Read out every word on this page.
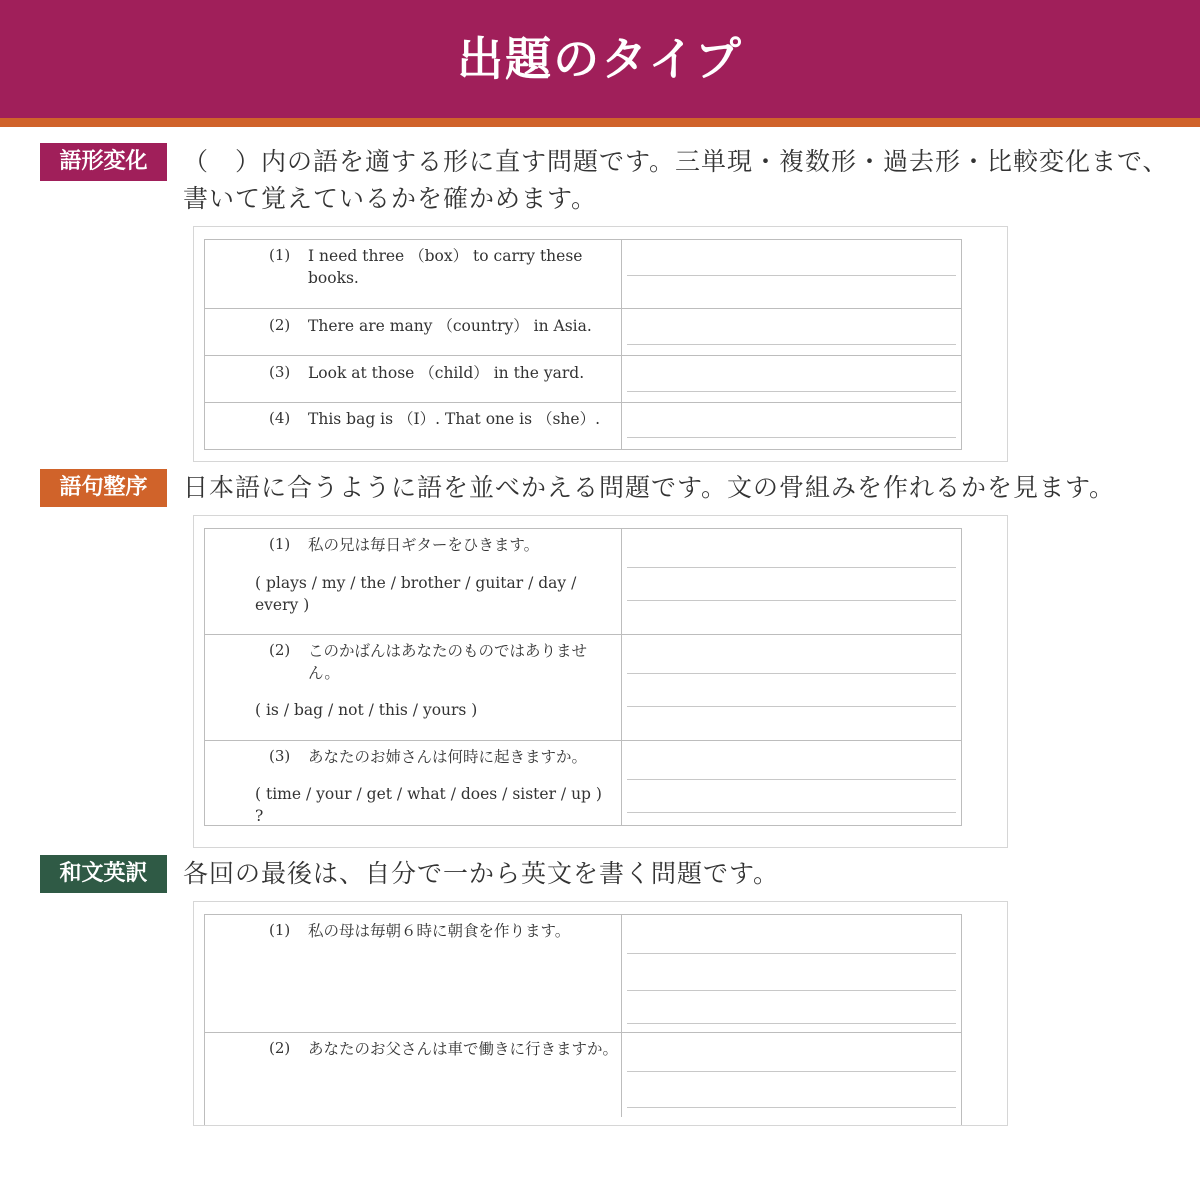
出題のタイプ
語形変化	（　）内の語を適する形に直す問題です。三単現・複数形・過去形・比較変化まで、書いて覚えているかを確かめます。
(1) I need three （box） to carry these books.
(2) There are many （country） in Asia.
(3) Look at those （child） in the yard.
(4) This bag is （I）. That one is （she）.
語句整序	日本語に合うように語を並べかえる問題です。文の骨組みを作れるかを見ます。
(1) 私の兄は毎日ギターをひきます。
( plays / my / the / brother / guitar / day / every )
(2) このかばんはあなたのものではありません。
( is / bag / not / this / yours )
(3) あなたのお姉さんは何時に起きますか。
( time / your / get / what / does / sister / up ) ?
和文英訳	各回の最後は、自分で一から英文を書く問題です。
(1) 私の母は毎朝６時に朝食を作ります。
(2) あなたのお父さんは車で働きに行きますか。
